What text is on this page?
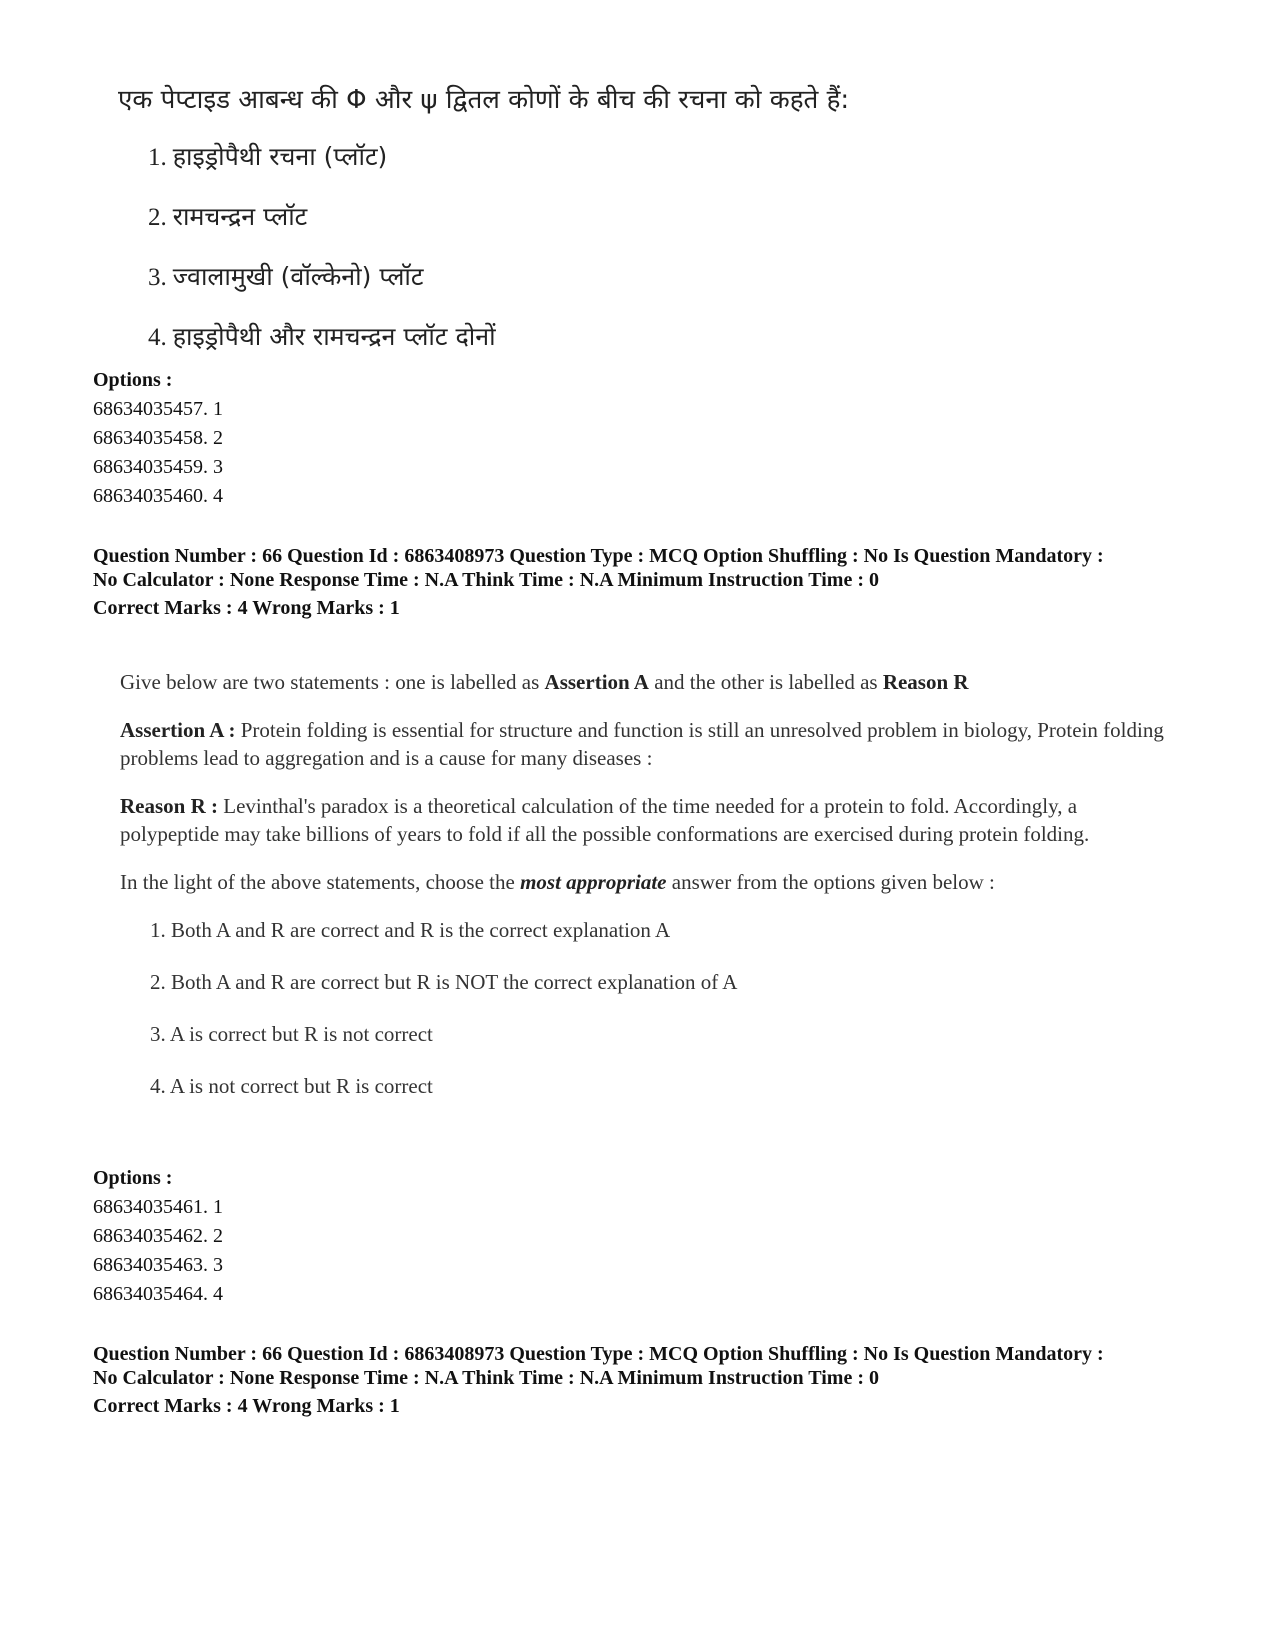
एक पेप्टाइड आबन्ध की Φ और ψ द्वितल कोणों के बीच की रचना को कहते हैं:
1. हाइड्रोपैथी रचना (प्लॉट)
2. रामचन्द्रन प्लॉट
3. ज्वालामुखी (वॉल्केनो) प्लॉट
4. हाइड्रोपैथी और रामचन्द्रन प्लॉट दोनों
Options :
68634035457. 1
68634035458. 2
68634035459. 3
68634035460. 4
Question Number : 66 Question Id : 6863408973 Question Type : MCQ Option Shuffling : No Is Question Mandatory :
No Calculator : None Response Time : N.A Think Time : N.A Minimum Instruction Time : 0
Correct Marks : 4 Wrong Marks : 1

Give below are two statements : one is labelled as Assertion A and the other is labelled as Reason R

Assertion A : Protein folding is essential for structure and function is still an unresolved problem in biology, Protein folding problems lead to aggregation and is a cause for many diseases :

Reason R : Levinthal's paradox is a theoretical calculation of the time needed for a protein to fold. Accordingly, a polypeptide may take billions of years to fold if all the possible conformations are exercised during protein folding.

In the light of the above statements, choose the most appropriate answer from the options given below :

1. Both A and R are correct and R is the correct explanation A
2. Both A and R are correct but R is NOT the correct explanation of A
3. A is correct but R is not correct
4. A is not correct but R is correct
Options :
68634035461. 1
68634035462. 2
68634035463. 3
68634035464. 4
Question Number : 66 Question Id : 6863408973 Question Type : MCQ Option Shuffling : No Is Question Mandatory :
No Calculator : None Response Time : N.A Think Time : N.A Minimum Instruction Time : 0
Correct Marks : 4 Wrong Marks : 1
